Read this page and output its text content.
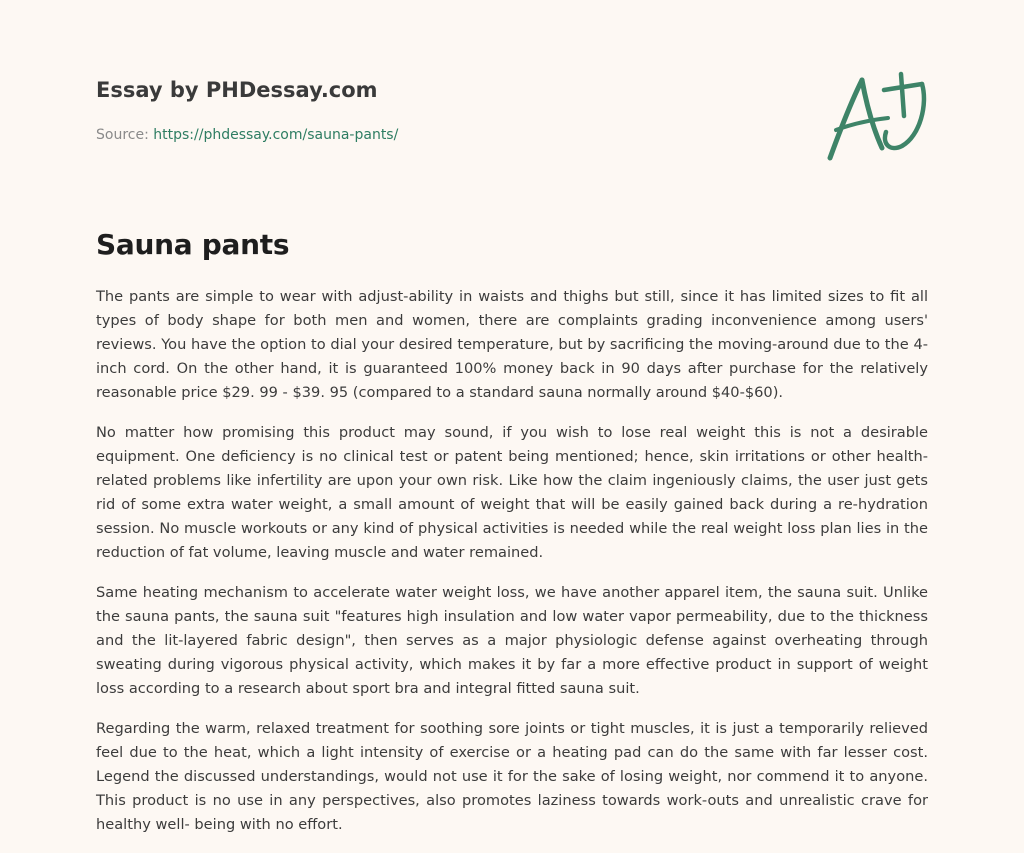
Essay by PHDessay.com
Source: https://phdessay.com/sauna-pants/
Sauna pants

The pants are simple to wear with adjust-ability in waists and thighs but still, since it has limited sizes to fit all types of body shape for both men and women, there are complaints grading inconvenience among users' reviews. You have the option to dial your desired temperature, but by sacrificing the moving-around due to the 4-inch cord. On the other hand, it is guaranteed 100% money back in 90 days after purchase for the relatively reasonable price $29. 99 - $39. 95 (compared to a standard sauna normally around $40-$60).

No matter how promising this product may sound, if you wish to lose real weight this is not a desirable equipment. One deficiency is no clinical test or patent being mentioned; hence, skin irritations or other health-related problems like infertility are upon your own risk. Like how the claim ingeniously claims, the user just gets rid of some extra water weight, a small amount of weight that will be easily gained back during a re-hydration session. No muscle workouts or any kind of physical activities is needed while the real weight loss plan lies in the reduction of fat volume, leaving muscle and water remained.

Same heating mechanism to accelerate water weight loss, we have another apparel item, the sauna suit. Unlike the sauna pants, the sauna suit "features high insulation and low water vapor permeability, due to the thickness and the lit-layered fabric design", then serves as a major physiologic defense against overheating through sweating during vigorous physical activity, which makes it by far a more effective product in support of weight loss according to a research about sport bra and integral fitted sauna suit.

Regarding the warm, relaxed treatment for soothing sore joints or tight muscles, it is just a temporarily relieved feel due to the heat, which a light intensity of exercise or a heating pad can do the same with far lesser cost. Legend the discussed understandings, would not use it for the sake of losing weight, nor commend it to anyone. This product is no use in any perspectives, also promotes laziness towards work-outs and unrealistic crave for healthy well- being with no effort.
